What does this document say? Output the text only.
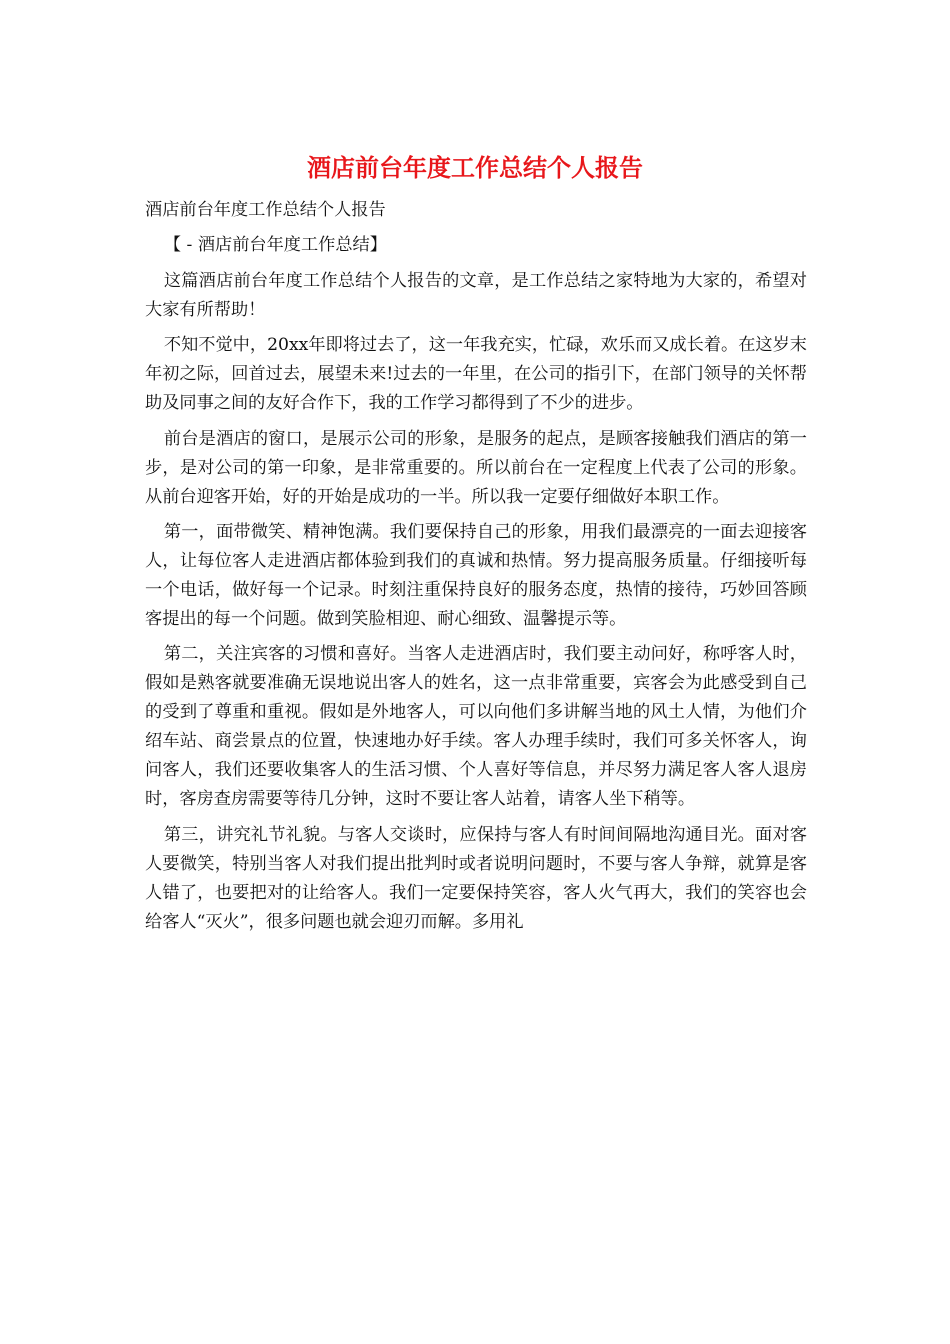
酒店前台年度工作总结个人报告

酒店前台年度工作总结个人报告

【 - 酒店前台年度工作总结】

这篇酒店前台年度工作总结个人报告的文章，是工作总结之家特地为大家的，希望对大家有所帮助！

不知不觉中，20xx年即将过去了，这一年我充实，忙碌，欢乐而又成长着。在这岁末年初之际，回首过去，展望未来!过去的一年里，在公司的指引下，在部门领导的关怀帮助及同事之间的友好合作下，我的工作学习都得到了不少的进步。

前台是酒店的窗口，是展示公司的形象，是服务的起点，是顾客接触我们酒店的第一步，是对公司的第一印象，是非常重要的。所以前台在一定程度上代表了公司的形象。从前台迎客开始，好的开始是成功的一半。所以我一定要仔细做好本职工作。

第一，面带微笑、精神饱满。我们要保持自己的形象，用我们最漂亮的一面去迎接客人，让每位客人走进酒店都体验到我们的真诚和热情。努力提高服务质量。仔细接听每一个电话，做好每一个记录。时刻注重保持良好的服务态度，热情的接待，巧妙回答顾客提出的每一个问题。做到笑脸相迎、耐心细致、温馨提示等。

第二，关注宾客的习惯和喜好。当客人走进酒店时，我们要主动问好，称呼客人时，假如是熟客就要准确无误地说出客人的姓名，这一点非常重要，宾客会为此感受到自己的受到了尊重和重视。假如是外地客人，可以向他们多讲解当地的风土人情，为他们介绍车站、商尝景点的位置，快速地办好手续。客人办理手续时，我们可多关怀客人，询问客人，我们还要收集客人的生活习惯、个人喜好等信息，并尽努力满足客人客人退房时，客房查房需要等待几分钟，这时不要让客人站着，请客人坐下稍等。

第三，讲究礼节礼貌。与客人交谈时，应保持与客人有时间间隔地沟通目光。面对客人要微笑，特别当客人对我们提出批判时或者说明问题时，不要与客人争辩，就算是客人错了，也要把对的让给客人。我们一定要保持笑容，客人火气再大，我们的笑容也会给客人“灭火”，很多问题也就会迎刃而解。多用礼
